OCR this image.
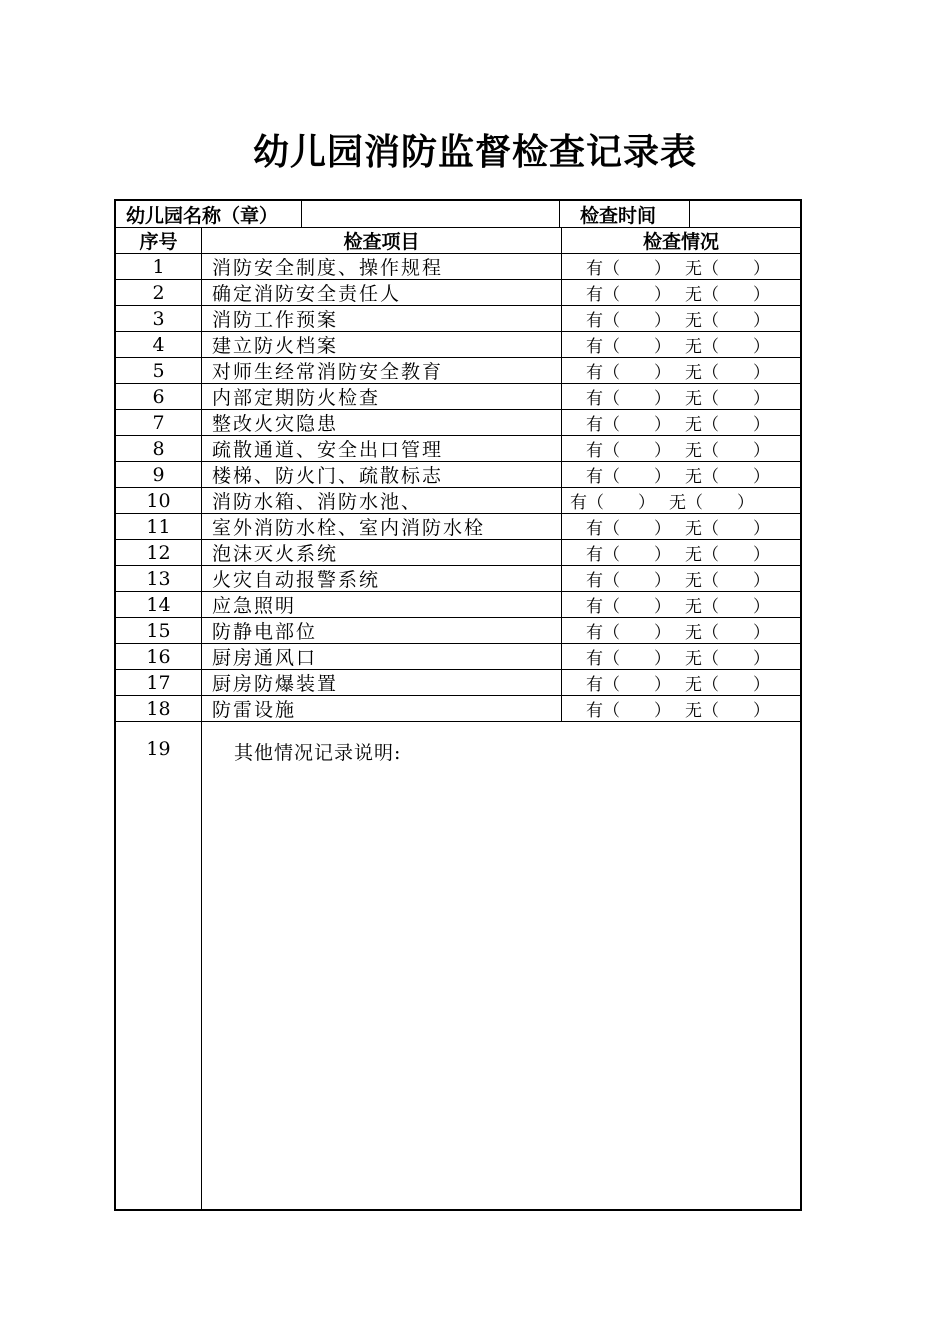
幼儿园消防监督检查记录表
幼儿园名称（章）	检查时间
序号	检查项目	检查情况
1	消防安全制度、操作规程	有（ ） 无（ ）
2	确定消防安全责任人	有（ ） 无（ ）
3	消防工作预案	有（ ） 无（ ）
4	建立防火档案	有（ ） 无（ ）
5	对师生经常消防安全教育	有（ ） 无（ ）
6	内部定期防火检查	有（ ） 无（ ）
7	整改火灾隐患	有（ ） 无（ ）
8	疏散通道、安全出口管理	有（ ） 无（ ）
9	楼梯、防火门、疏散标志	有（ ） 无（ ）
10	消防水箱、消防水池、	有（ ） 无（ ）
11	室外消防水栓、室内消防水栓	有（ ） 无（ ）
12	泡沫灭火系统	有（ ） 无（ ）
13	火灾自动报警系统	有（ ） 无（ ）
14	应急照明	有（ ） 无（ ）
15	防静电部位	有（ ） 无（ ）
16	厨房通风口	有（ ） 无（ ）
17	厨房防爆装置	有（ ） 无（ ）
18	防雷设施	有（ ） 无（ ）
19	其他情况记录说明:
